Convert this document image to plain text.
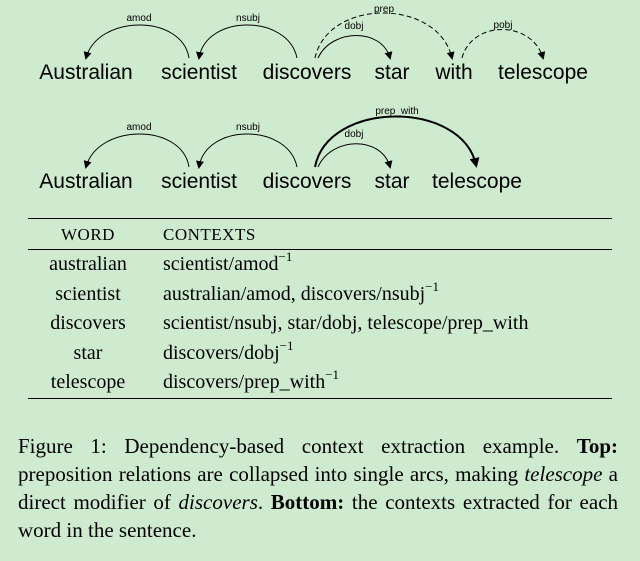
Australian scientist discovers star with telescope
amod	nsubj
dobj
prep
pobj
Australian scientist discovers star telescope
amod	nsubj
dobj
prep_with
WORD	CONTEXTS
australian	scientist/amod$^{-1}$
scientist	australian/amod, discovers/nsubj$^{-1}$
discovers	scientist/nsubj, star/dobj, telescope/prep_with
star	discovers/dobj$^{-1}$
telescope	discovers/prep_with$^{-1}$
Figure 1: Dependency-based context extraction example. Top: preposition relations are collapsed into single arcs, making telescope a direct modifier of discovers. Bottom: the contexts extracted for each word in the sentence.
